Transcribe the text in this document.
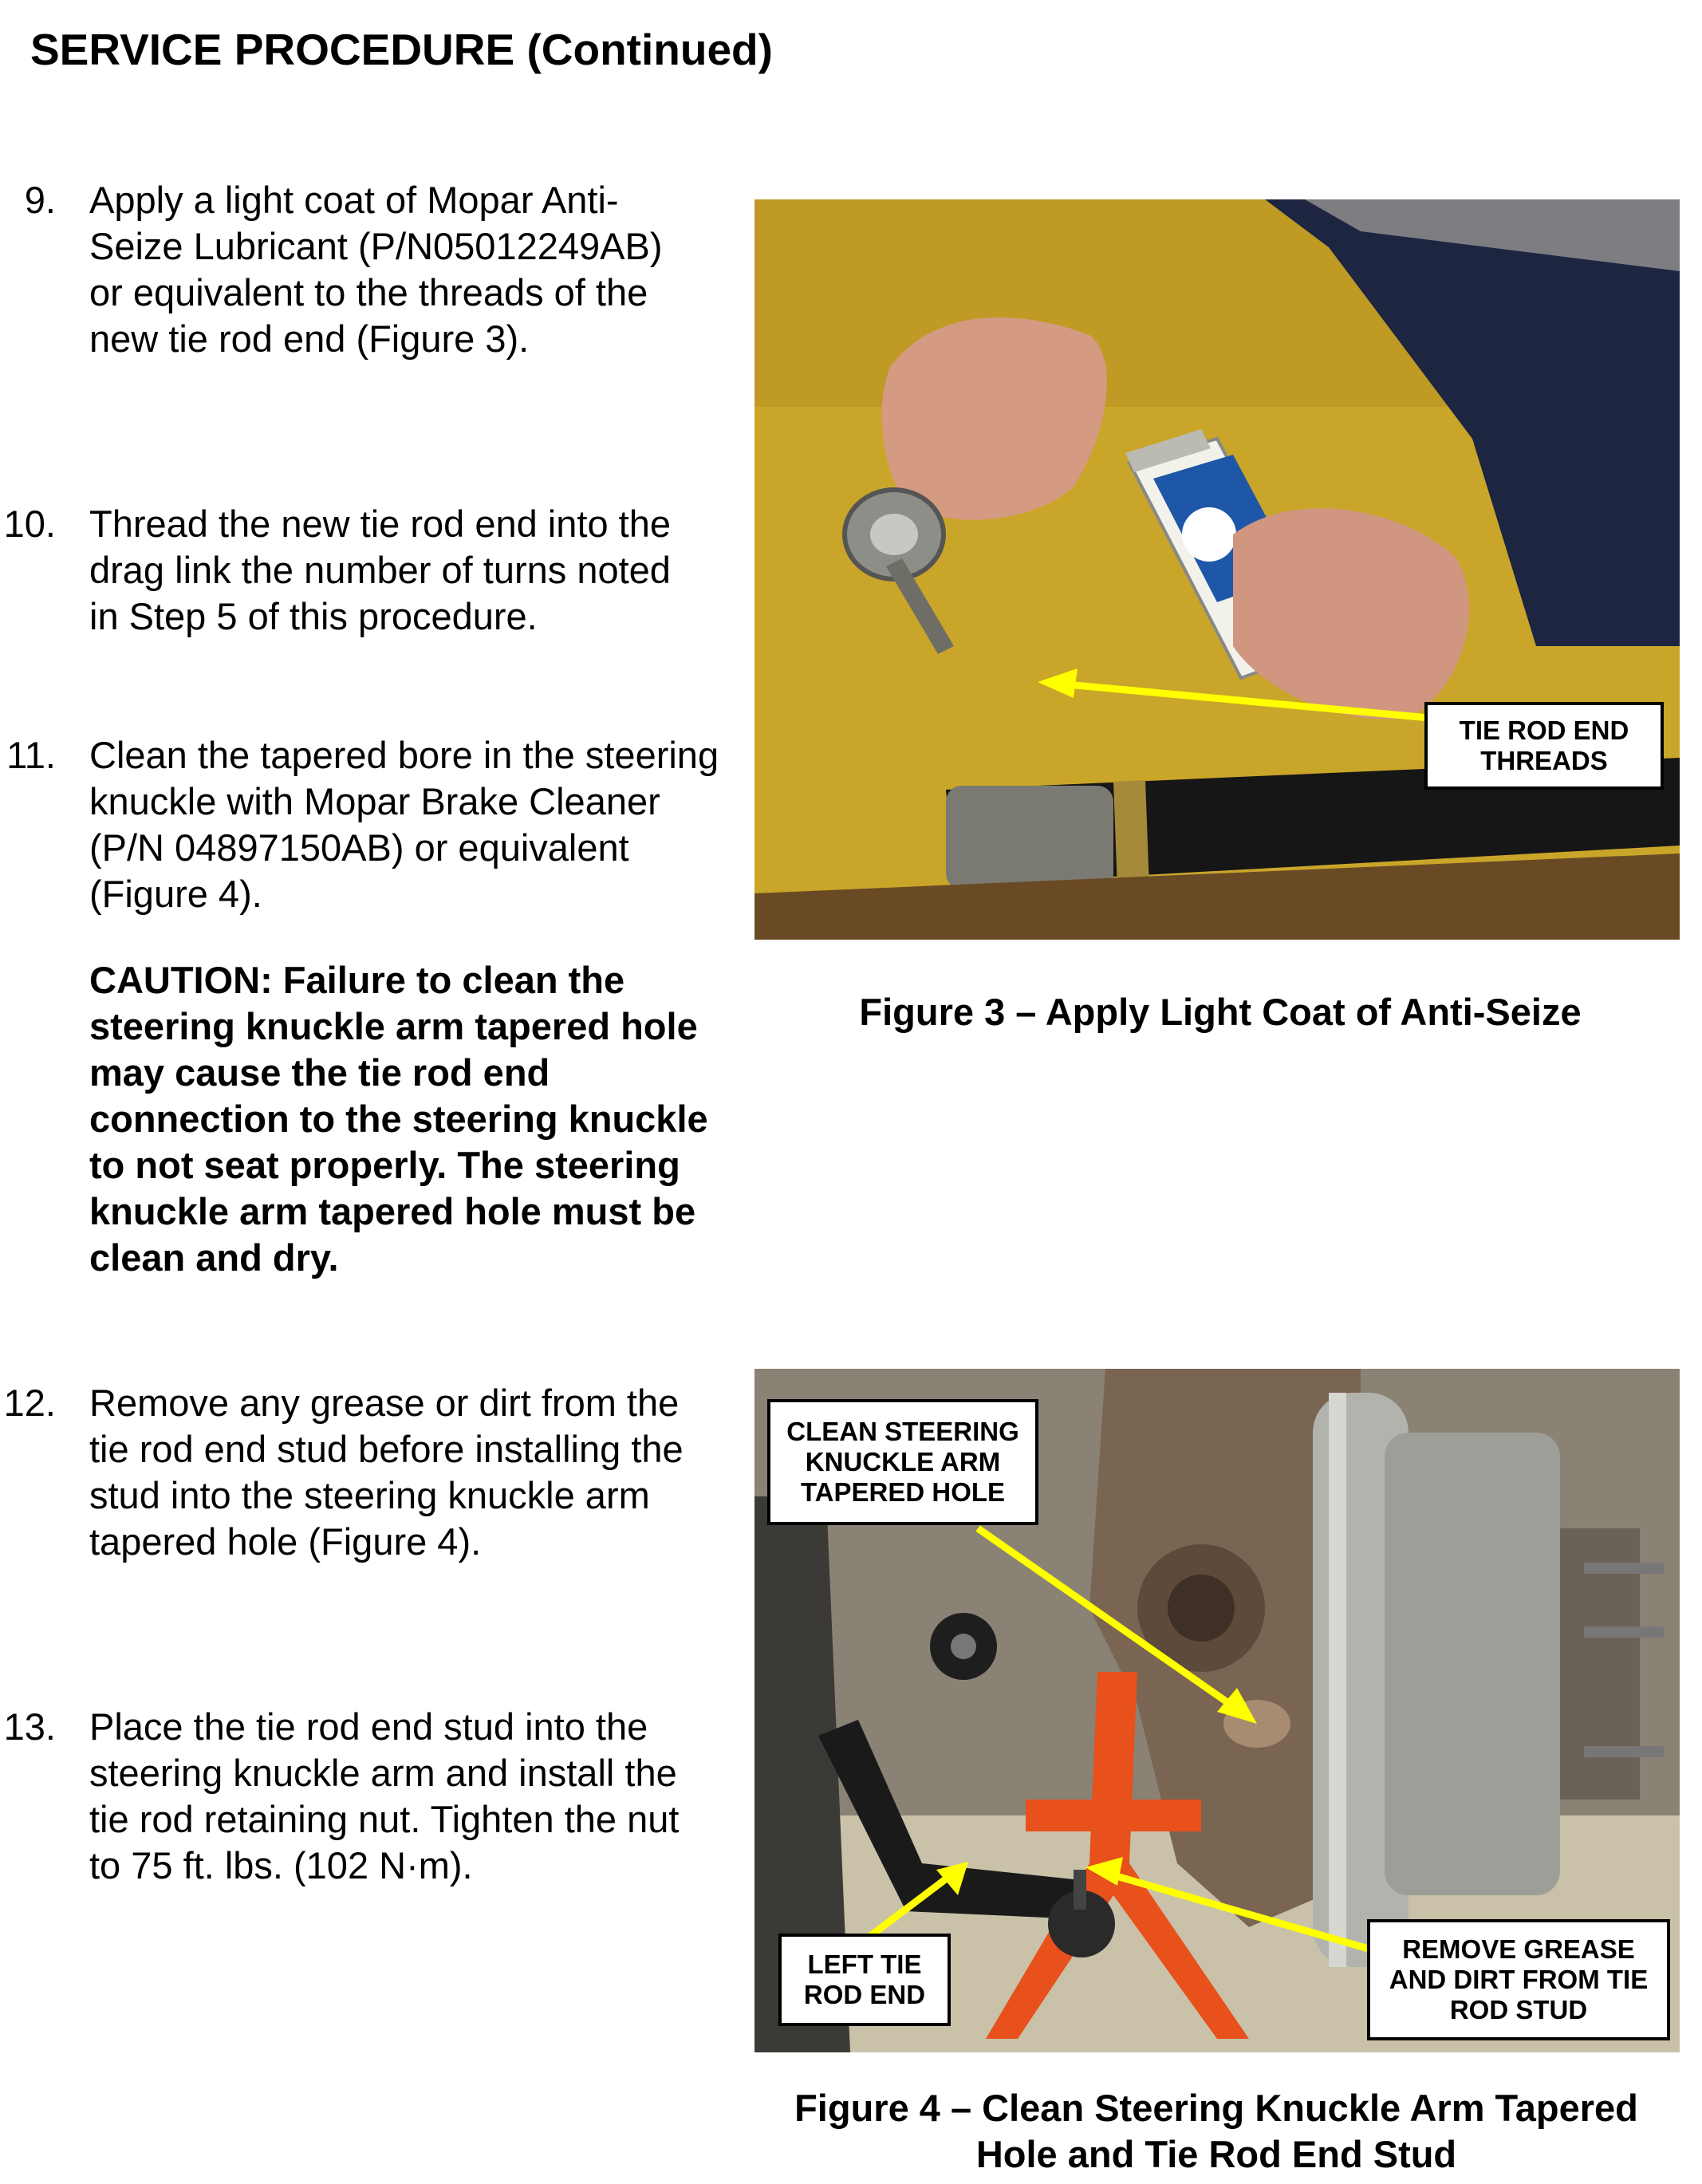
SERVICE PROCEDURE (Continued)
9. Apply a light coat of Mopar Anti-Seize Lubricant (P/N05012249AB) or equivalent to the threads of the new tie rod end (Figure 3).
10. Thread the new tie rod end into the drag link the number of turns noted in Step 5 of this procedure.
11. Clean the tapered bore in the steering knuckle with Mopar Brake Cleaner (P/N 04897150AB) or equivalent (Figure 4).
CAUTION: Failure to clean the steering knuckle arm tapered hole may cause the tie rod end connection to the steering knuckle to not seat properly. The steering knuckle arm tapered hole must be clean and dry.
12. Remove any grease or dirt from the tie rod end stud before installing the stud into the steering knuckle arm tapered hole (Figure 4).
13. Place the tie rod end stud into the steering knuckle arm and install the tie rod retaining nut. Tighten the nut to 75 ft. lbs. (102 N·m).
TIE ROD END THREADS
Figure 3 – Apply Light Coat of Anti-Seize
CLEAN STEERING KNUCKLE ARM TAPERED HOLE
LEFT TIE ROD END
REMOVE GREASE AND DIRT FROM TIE ROD STUD
Figure 4 – Clean Steering Knuckle Arm Tapered Hole and Tie Rod End Stud
